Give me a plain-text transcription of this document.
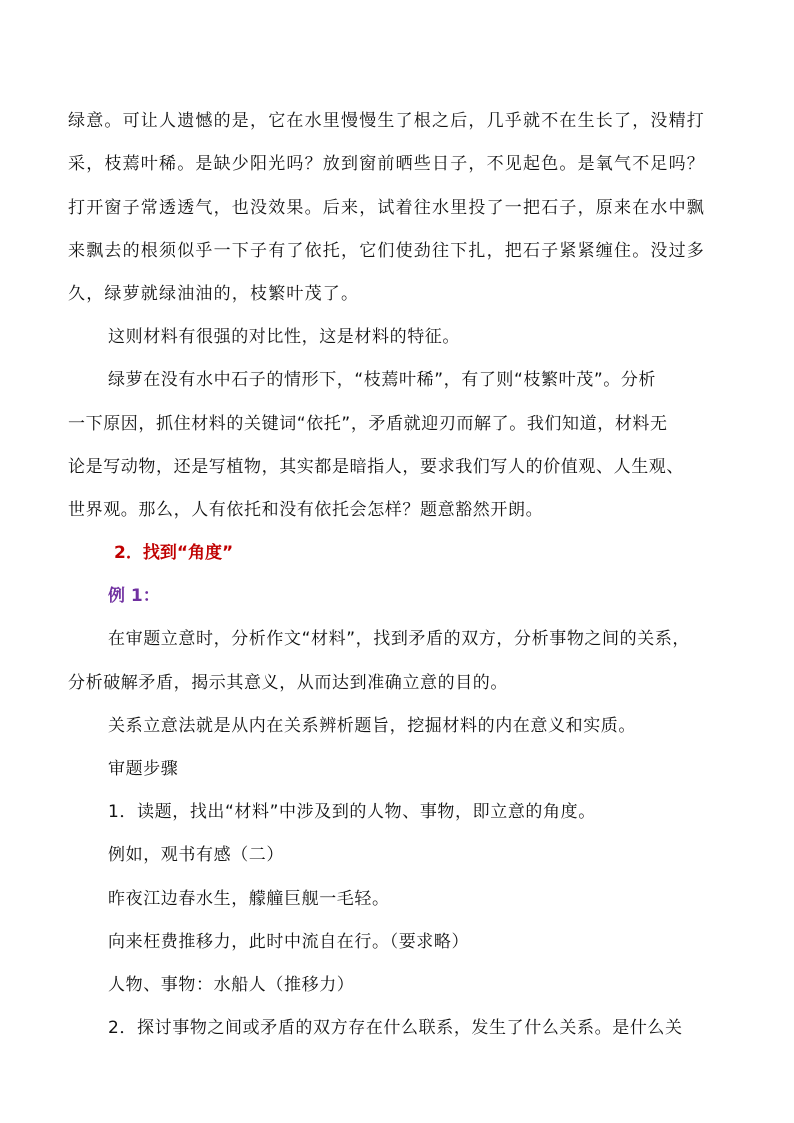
绿意。可让人遗憾的是，它在水里慢慢生了根之后，几乎就不在生长了，没精打

采，枝蔫叶稀。是缺少阳光吗？放到窗前晒些日子，不见起色。是氧气不足吗？

打开窗子常透透气，也没效果。后来，试着往水里投了一把石子，原来在水中飘

来飘去的根须似乎一下子有了依托，它们使劲往下扎，把石子紧紧缠住。没过多

久，绿萝就绿油油的，枝繁叶茂了。

这则材料有很强的对比性，这是材料的特征。

绿萝在没有水中石子的情形下，“枝蔫叶稀”，有了则“枝繁叶茂”。分析

一下原因，抓住材料的关键词“依托”，矛盾就迎刃而解了。我们知道，材料无

论是写动物，还是写植物，其实都是暗指人，要求我们写人的价值观、人生观、

世界观。那么，人有依托和没有依托会怎样？题意豁然开朗。

2．找到“角度”

例 1：

在审题立意时，分析作文“材料”，找到矛盾的双方，分析事物之间的关系，

分析破解矛盾，揭示其意义，从而达到准确立意的目的。

关系立意法就是从内在关系辨析题旨，挖掘材料的内在意义和实质。

审题步骤

1．读题，找出“材料”中涉及到的人物、事物，即立意的角度。

例如，观书有感（二）

昨夜江边春水生，艨艟巨舰一毛轻。

向来枉费推移力，此时中流自在行。（要求略）

人物、事物：水船人（推移力）

2．探讨事物之间或矛盾的双方存在什么联系，发生了什么关系。是什么关
